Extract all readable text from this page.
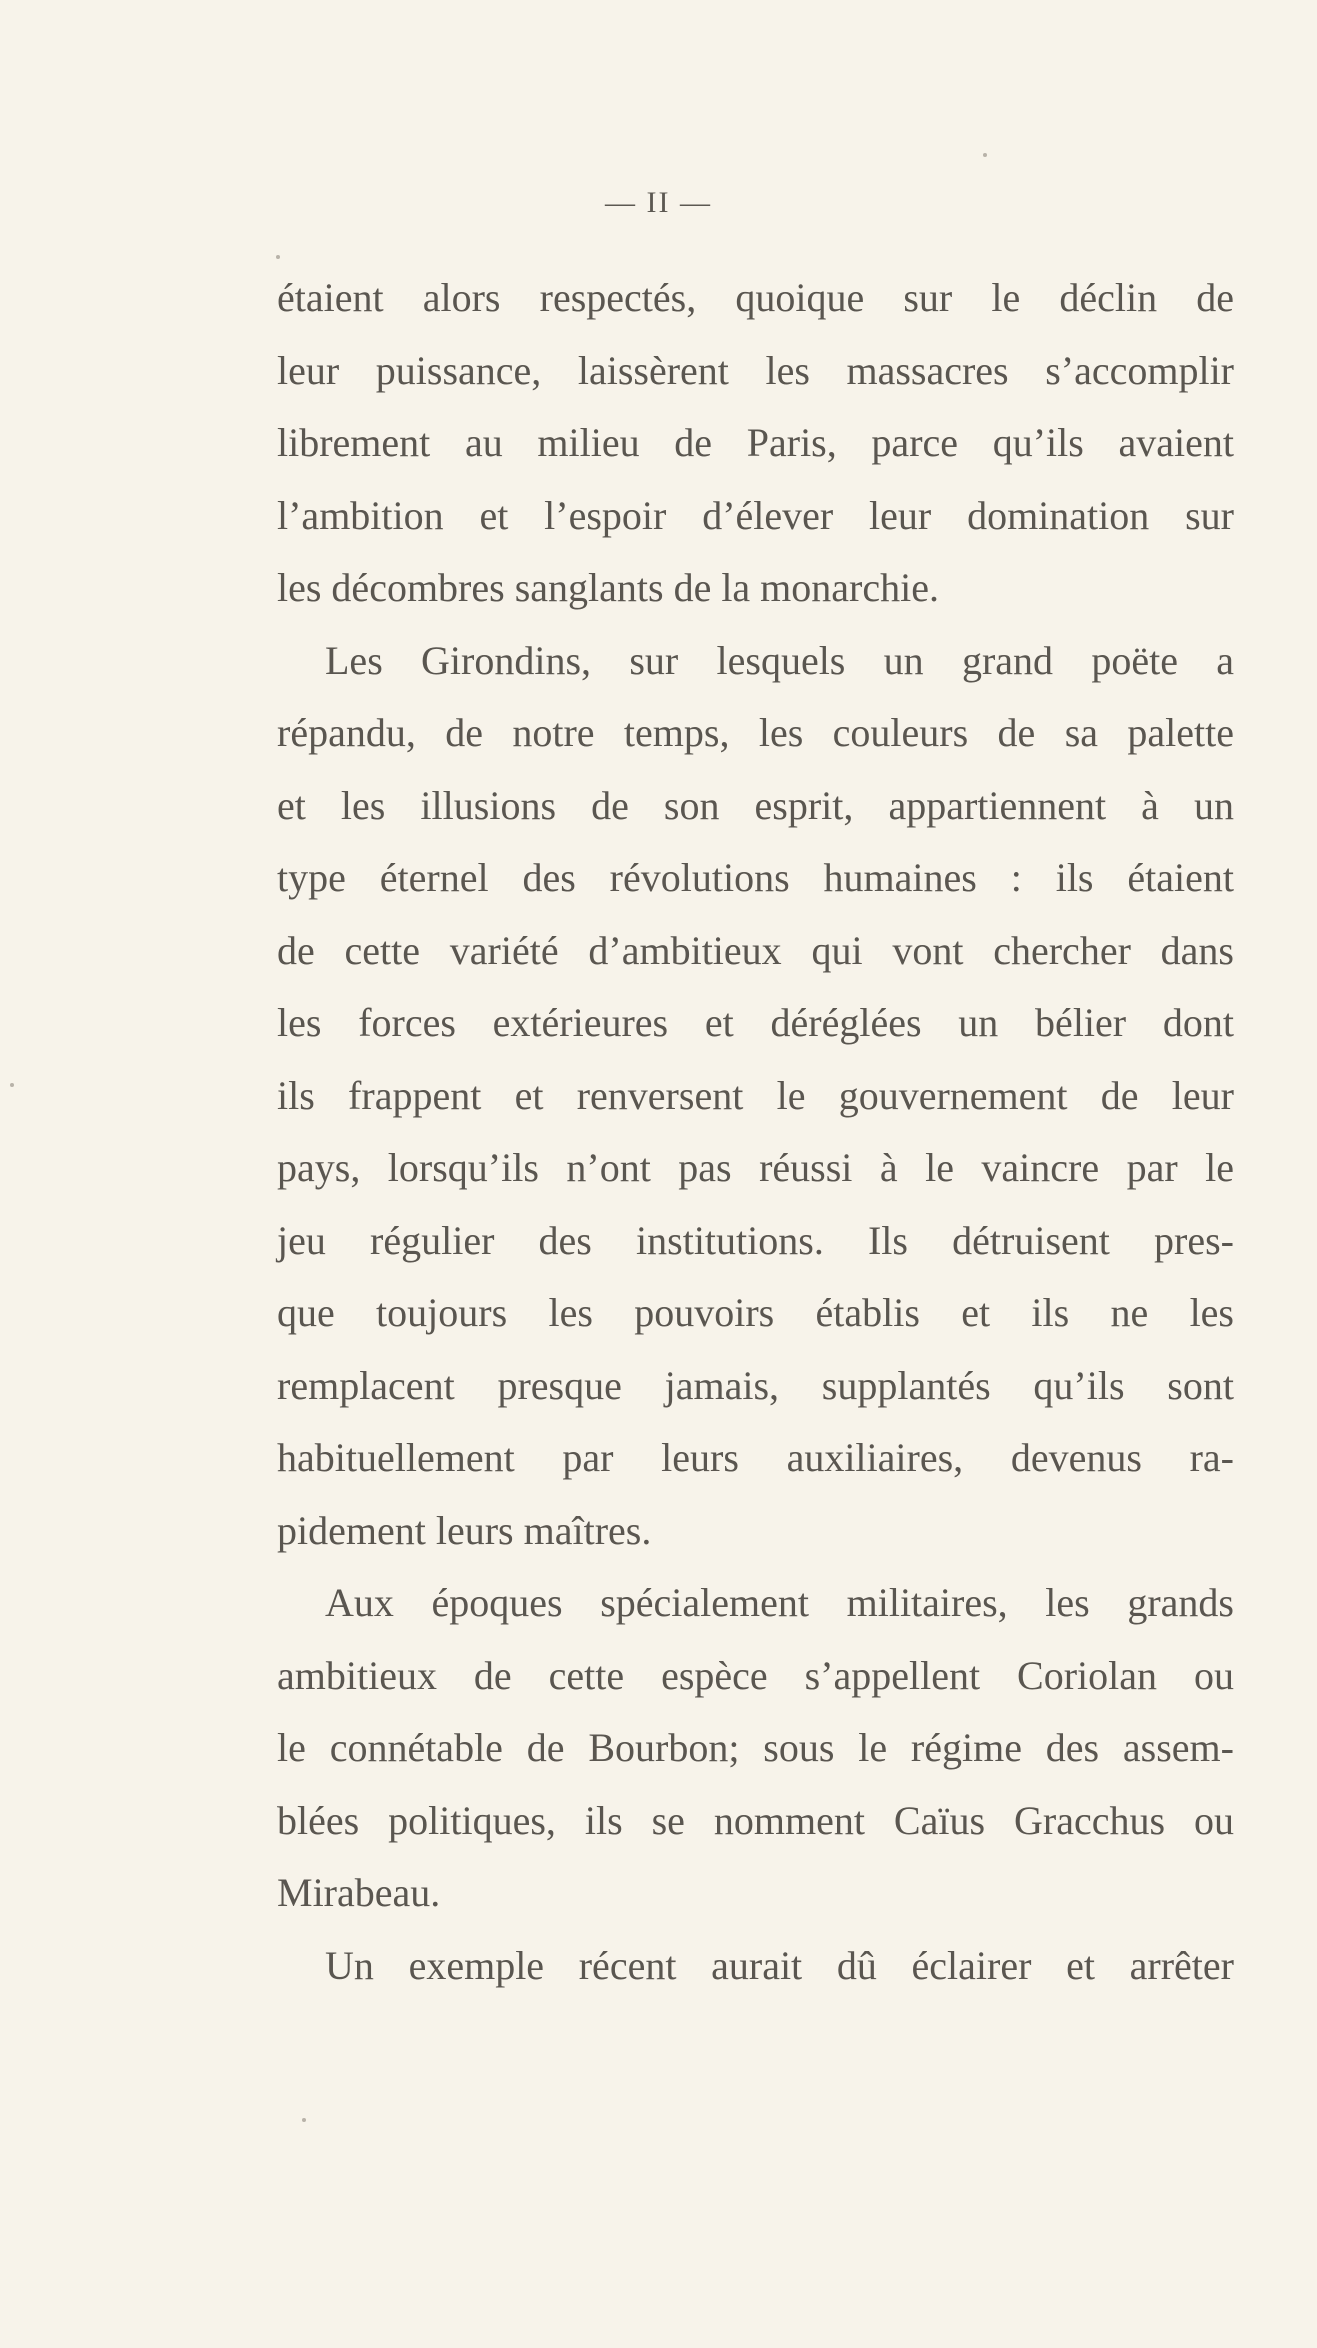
— II —
étaient alors respectés, quoique sur le déclin de
leur puissance, laissèrent les massacres s’accomplir
librement au milieu de Paris, parce qu’ils avaient
l’ambition et l’espoir d’élever leur domination sur
les décombres sanglants de la monarchie.
Les Girondins, sur lesquels un grand poëte a
répandu, de notre temps, les couleurs de sa palette
et les illusions de son esprit, appartiennent à un
type éternel des révolutions humaines : ils étaient
de cette variété d’ambitieux qui vont chercher dans
les forces extérieures et déréglées un bélier dont
ils frappent et renversent le gouvernement de leur
pays, lorsqu’ils n’ont pas réussi à le vaincre par le
jeu régulier des institutions. Ils détruisent pres-
que toujours les pouvoirs établis et ils ne les
remplacent presque jamais, supplantés qu’ils sont
habituellement par leurs auxiliaires, devenus ra-
pidement leurs maîtres.
Aux époques spécialement militaires, les grands
ambitieux de cette espèce s’appellent Coriolan ou
le connétable de Bourbon; sous le régime des assem-
blées politiques, ils se nomment Caïus Gracchus ou
Mirabeau.
Un exemple récent aurait dû éclairer et arrêter
